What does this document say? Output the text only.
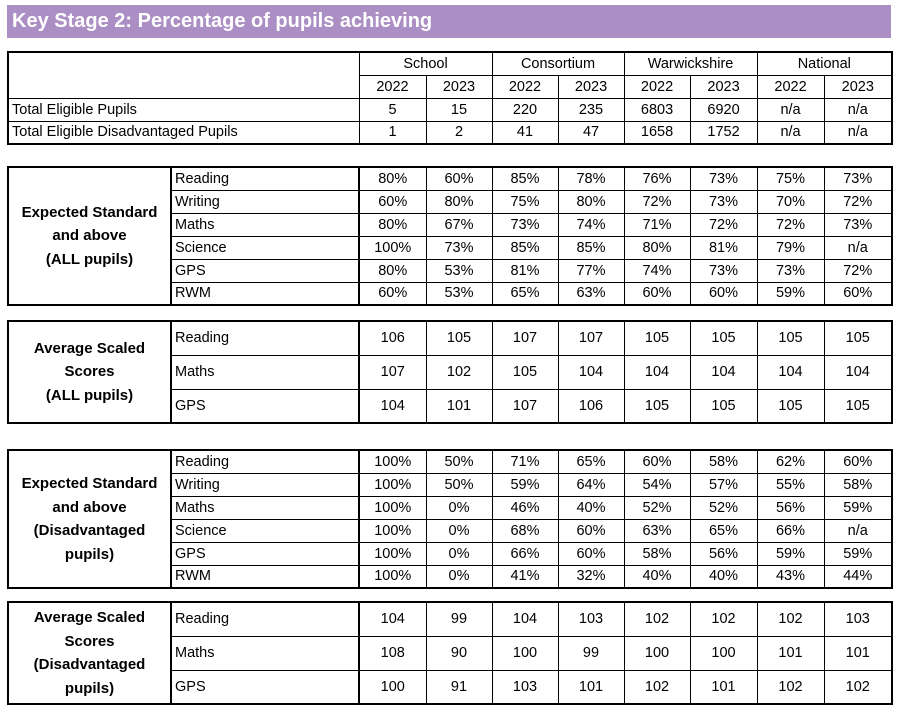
Key Stage 2: Percentage of pupils achieving
	School		Consortium		Warwickshire		National	
	2022	2023	2022	2023	2022	2023	2022	2023
Total Eligible Pupils	5	15	220	235	6803	6920	n/a	n/a
Total Eligible Disadvantaged Pupils	1	2	41	47	1658	1752	n/a	n/a
Expected Standard
and above
(ALL pupils)	Reading	80%	60%	85%	78%	76%	73%	75%	73%
	Writing	60%	80%	75%	80%	72%	73%	70%	72%
	Maths	80%	67%	73%	74%	71%	72%	72%	73%
	Science	100%	73%	85%	85%	80%	81%	79%	n/a
	GPS	80%	53%	81%	77%	74%	73%	73%	72%
	RWM	60%	53%	65%	63%	60%	60%	59%	60%
Average Scaled
Scores
(ALL pupils)	Reading	106	105	107	107	105	105	105	105
	Maths	107	102	105	104	104	104	104	104
	GPS	104	101	107	106	105	105	105	105
Expected Standard
and above
(Disadvantaged
pupils)	Reading	100%	50%	71%	65%	60%	58%	62%	60%
	Writing	100%	50%	59%	64%	54%	57%	55%	58%
	Maths	100%	0%	46%	40%	52%	52%	56%	59%
	Science	100%	0%	68%	60%	63%	65%	66%	n/a
	GPS	100%	0%	66%	60%	58%	56%	59%	59%
	RWM	100%	0%	41%	32%	40%	40%	43%	44%
Average Scaled
Scores
(Disadvantaged
pupils)	Reading	104	99	104	103	102	102	102	103
	Maths	108	90	100	99	100	100	101	101
	GPS	100	91	103	101	102	101	102	102
